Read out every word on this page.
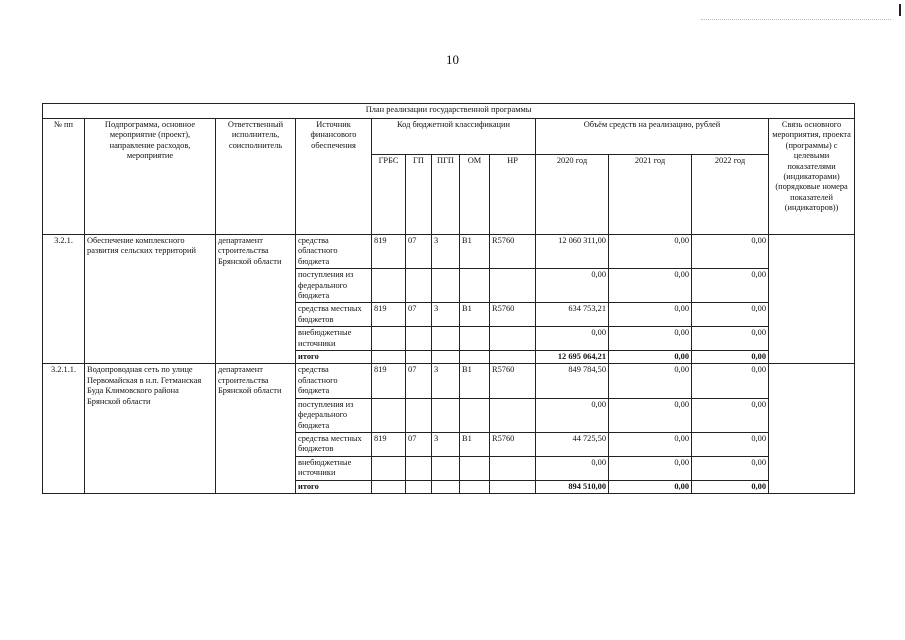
10
План реализации государственной программы												
№ пп	Подпрограмма, основное мероприятие (проект), направление расходов, мероприятие	Ответственный исполнитель, соисполнитель	Источник финансового обеспечения	Код бюджетной классификации					Объём средств на реализацию, рублей			Связь основного мероприятия, проекта (программы) с целевыми показателями (индикаторами) (порядковые номера показателей (индикаторов))
				ГРБС	ГП	ПГП	ОМ	НР	2020 год	2021 год	2022 год	
3.2.1.	Обеспечение комплексного развития сельских территорий	департамент строительства Брянской области	средства областного бюджета	819	07	3	В1	R5760	12 060 311,00	0,00	0,00	
			поступления из федерального бюджета						0,00	0,00	0,00	
			средства местных бюджетов	819	07	3	В1	R5760	634 753,21	0,00	0,00	
			внебюджетные источники						0,00	0,00	0,00	
			итого						12 695 064,21	0,00	0,00	
3.2.1.1.	Водопроводная сеть по улице Первомайская в н.п. Гетманская Буда Климовского района Брянской области	департамент строительства Брянской области	средства областного бюджета	819	07	3	В1	R5760	849 784,50	0,00	0,00	
			поступления из федерального бюджета						0,00	0,00	0,00	
			средства местных бюджетов	819	07	3	В1	R5760	44 725,50	0,00	0,00	
			внебюджетные источники						0,00	0,00	0,00	
			итого						894 510,00	0,00	0,00	
